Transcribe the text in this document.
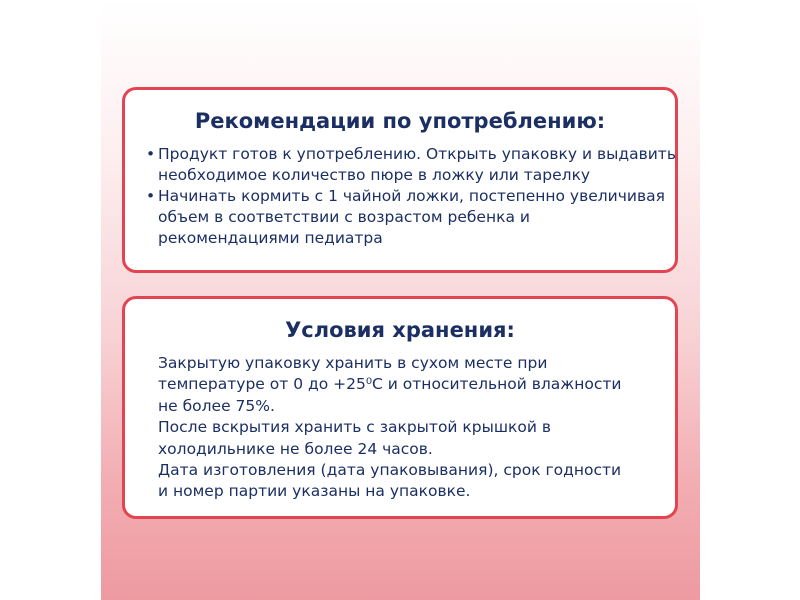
Рекомендации по употреблению:
• Продукт готов к употреблению. Открыть упаковку и выдавить
необходимое количество пюре в ложку или тарелку
• Начинать кормить с 1 чайной ложки, постепенно увеличивая
объем в соответствии с возрастом ребенка и
рекомендациями педиатра
Условия хранения:
Закрытую упаковку хранить в сухом месте при
температуре от 0 до +25⁰С и относительной влажности
не более 75%.
После вскрытия хранить с закрытой крышкой в
холодильнике не более 24 часов.
Дата изготовления (дата упаковывания), срок годности
и номер партии указаны на упаковке.
